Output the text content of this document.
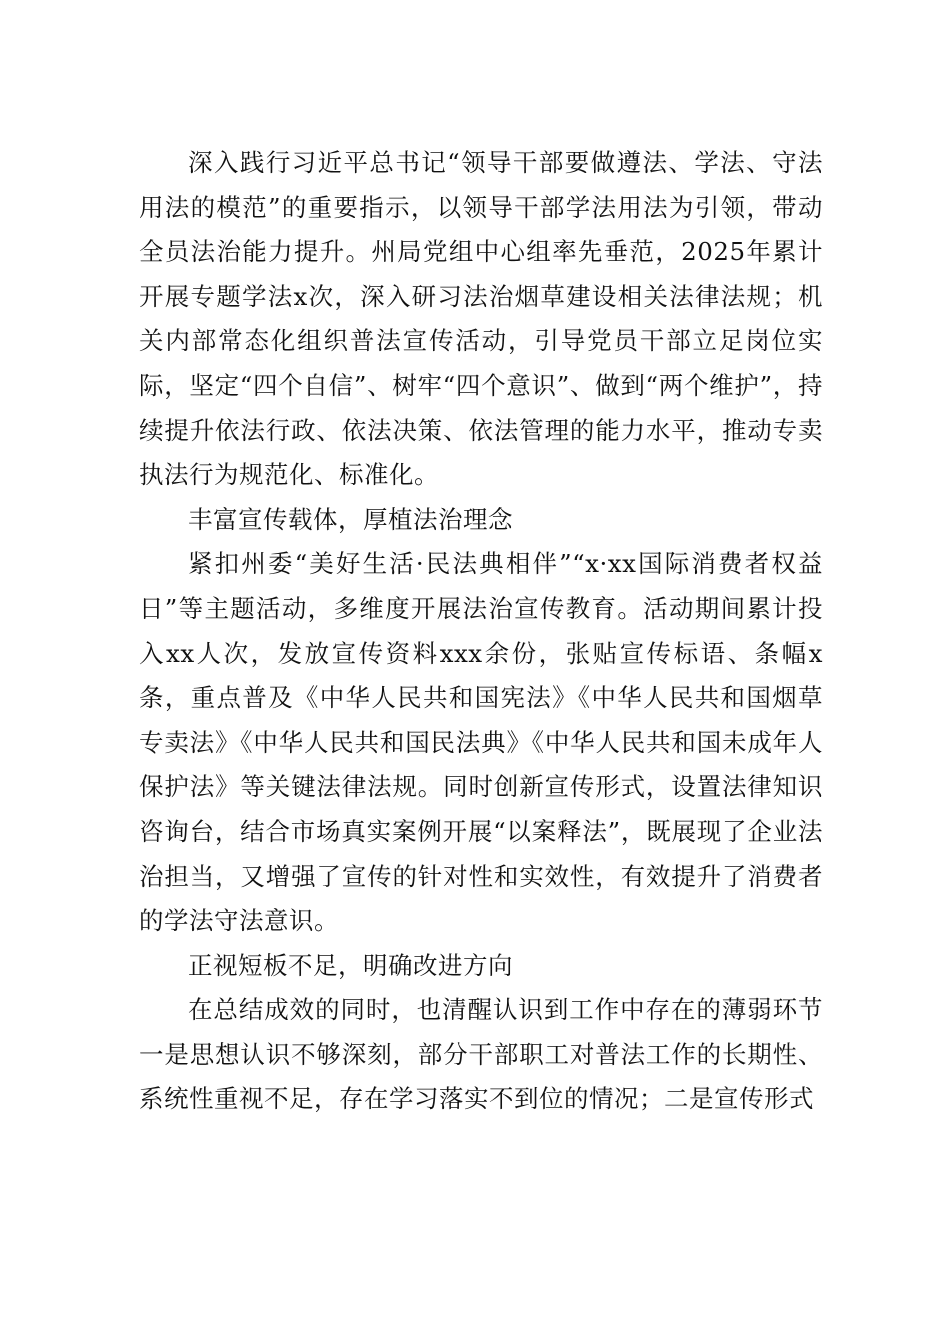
深入践行习近平总书记“领导干部要做遵法、学法、守法用法的模范”的重要指示，以领导干部学法用法为引领，带动全员法治能力提升。州局党组中心组率先垂范，2025年累计开展专题学法x次，深入研习法治烟草建设相关法律法规；机关内部常态化组织普法宣传活动，引导党员干部立足岗位实际，坚定“四个自信”、树牢“四个意识”、做到“两个维护”，持续提升依法行政、依法决策、依法管理的能力水平，推动专卖执法行为规范化、标准化。

丰富宣传载体，厚植法治理念

紧扣州委“美好生活·民法典相伴”“x·xx国际消费者权益日”等主题活动，多维度开展法治宣传教育。活动期间累计投入xx人次，发放宣传资料xxx余份，张贴宣传标语、条幅x条，重点普及《中华人民共和国宪法》《中华人民共和国烟草专卖法》《中华人民共和国民法典》《中华人民共和国未成年人保护法》等关键法律法规。同时创新宣传形式，设置法律知识咨询台，结合市场真实案例开展“以案释法”，既展现了企业法治担当，又增强了宣传的针对性和实效性，有效提升了消费者的学法守法意识。

正视短板不足，明确改进方向

在总结成效的同时，也清醒认识到工作中存在的薄弱环节一是思想认识不够深刻，部分干部职工对普法工作的长期性、系统性重视不足，存在学习落实不到位的情况；二是宣传形式
